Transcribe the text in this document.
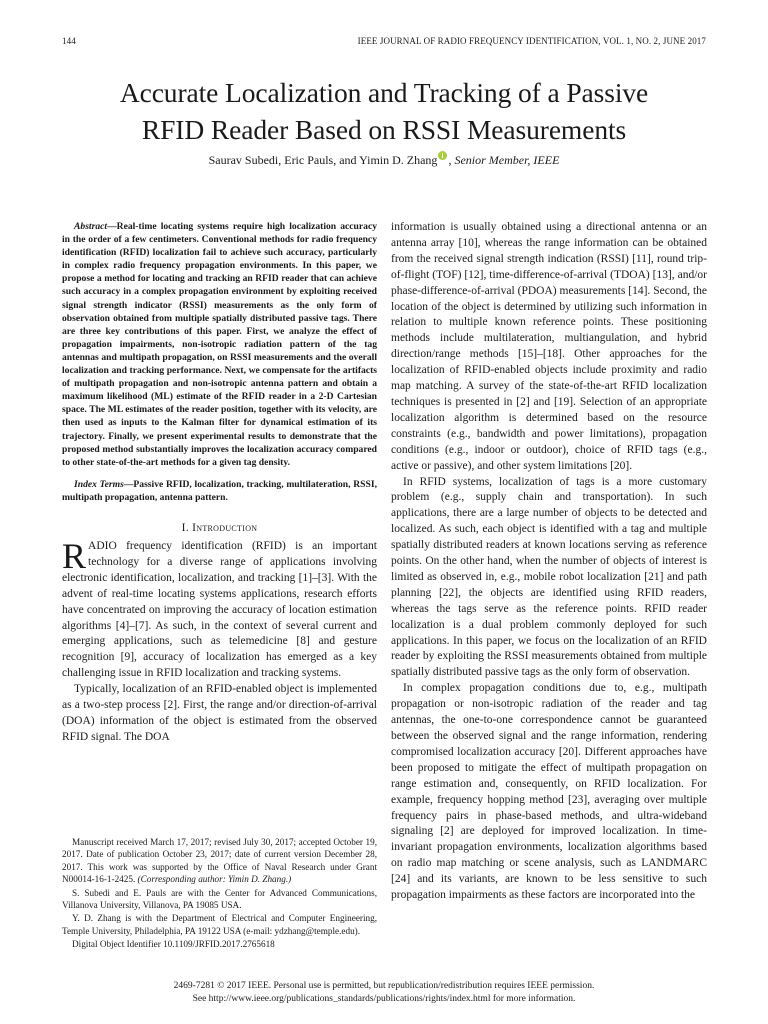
144	IEEE JOURNAL OF RADIO FREQUENCY IDENTIFICATION, VOL. 1, NO. 2, JUNE 2017
Accurate Localization and Tracking of a Passive
RFID Reader Based on RSSI Measurements
Saurav Subedi, Eric Pauls, and Yimin D. Zhang , Senior Member, IEEE

Abstract—Real-time locating systems require high localization accuracy in the order of a few centimeters. Conventional methods for radio frequency identification (RFID) localization fail to achieve such accuracy, particularly in complex radio frequency propagation environments. In this paper, we propose a method for locating and tracking an RFID reader that can achieve such accuracy in a complex propagation environment by exploiting received signal strength indicator (RSSI) measurements as the only form of observation obtained from multiple spatially distributed passive tags. There are three key contributions of this paper. First, we analyze the effect of propagation impairments, non-isotropic radiation pattern of the tag antennas and multipath propagation, on RSSI measurements and the overall localization and tracking performance. Next, we compensate for the artifacts of multipath propagation and non-isotropic antenna pattern and obtain a maximum likelihood (ML) estimate of the RFID reader in a 2-D Cartesian space. The ML estimates of the reader position, together with its velocity, are then used as inputs to the Kalman filter for dynamical estimation of its trajectory. Finally, we present experimental results to demonstrate that the proposed method substantially improves the localization accuracy compared to other state-of-the-art methods for a given tag density.

Index Terms—Passive RFID, localization, tracking, multilateration, RSSI, multipath propagation, antenna pattern.

I. Introduction

RADIO frequency identification (RFID) is an important technology for a diverse range of applications involving electronic identification, localization, and tracking [1]–[3]. With the advent of real-time locating systems applications, research efforts have concentrated on improving the accuracy of location estimation algorithms [4]–[7]. As such, in the context of several current and emerging applications, such as telemedicine [8] and gesture recognition [9], accuracy of localization has emerged as a key challenging issue in RFID localization and tracking systems.

Typically, localization of an RFID-enabled object is implemented as a two-step process [2]. First, the range and/or direction-of-arrival (DOA) information of the object is estimated from the observed RFID signal. The DOA

Manuscript received March 17, 2017; revised July 30, 2017; accepted October 19, 2017. Date of publication October 23, 2017; date of current version December 28, 2017. This work was supported by the Office of Naval Research under Grant N00014-16-1-2425. (Corresponding author: Yimin D. Zhang.)

S. Subedi and E. Pauls are with the Center for Advanced Communications, Villanova University, Villanova, PA 19085 USA.

Y. D. Zhang is with the Department of Electrical and Computer Engineering, Temple University, Philadelphia, PA 19122 USA (e-mail: ydzhang@temple.edu).

Digital Object Identifier 10.1109/JRFID.2017.2765618

information is usually obtained using a directional antenna or an antenna array [10], whereas the range information can be obtained from the received signal strength indication (RSSI) [11], round trip-of-flight (TOF) [12], time-difference-of-arrival (TDOA) [13], and/or phase-difference-of-arrival (PDOA) measurements [14]. Second, the location of the object is determined by utilizing such information in relation to multiple known reference points. These positioning methods include multilateration, multiangulation, and hybrid direction/range methods [15]–[18]. Other approaches for the localization of RFID-enabled objects include proximity and radio map matching. A survey of the state-of-the-art RFID localization techniques is presented in [2] and [19]. Selection of an appropriate localization algorithm is determined based on the resource constraints (e.g., bandwidth and power limitations), propagation conditions (e.g., indoor or outdoor), choice of RFID tags (e.g., active or passive), and other system limitations [20].

In RFID systems, localization of tags is a more customary problem (e.g., supply chain and transportation). In such applications, there are a large number of objects to be detected and localized. As such, each object is identified with a tag and multiple spatially distributed readers at known locations serving as reference points. On the other hand, when the number of objects of interest is limited as observed in, e.g., mobile robot localization [21] and path planning [22], the objects are identified using RFID readers, whereas the tags serve as the reference points. RFID reader localization is a dual problem commonly deployed for such applications. In this paper, we focus on the localization of an RFID reader by exploiting the RSSI measurements obtained from multiple spatially distributed passive tags as the only form of observation.

In complex propagation conditions due to, e.g., multipath propagation or non-isotropic radiation of the reader and tag antennas, the one-to-one correspondence cannot be guaranteed between the observed signal and the range information, rendering compromised localization accuracy [20]. Different approaches have been proposed to mitigate the effect of multipath propagation on range estimation and, consequently, on RFID localization. For example, frequency hopping method [23], averaging over multiple frequency pairs in phase-based methods, and ultra-wideband signaling [2] are deployed for improved localization. In time-invariant propagation environments, localization algorithms based on radio map matching or scene analysis, such as LANDMARC [24] and its variants, are known to be less sensitive to such propagation impairments as these factors are incorporated into the

2469-7281 © 2017 IEEE. Personal use is permitted, but republication/redistribution requires IEEE permission.
See http://www.ieee.org/publications_standards/publications/rights/index.html for more information.
